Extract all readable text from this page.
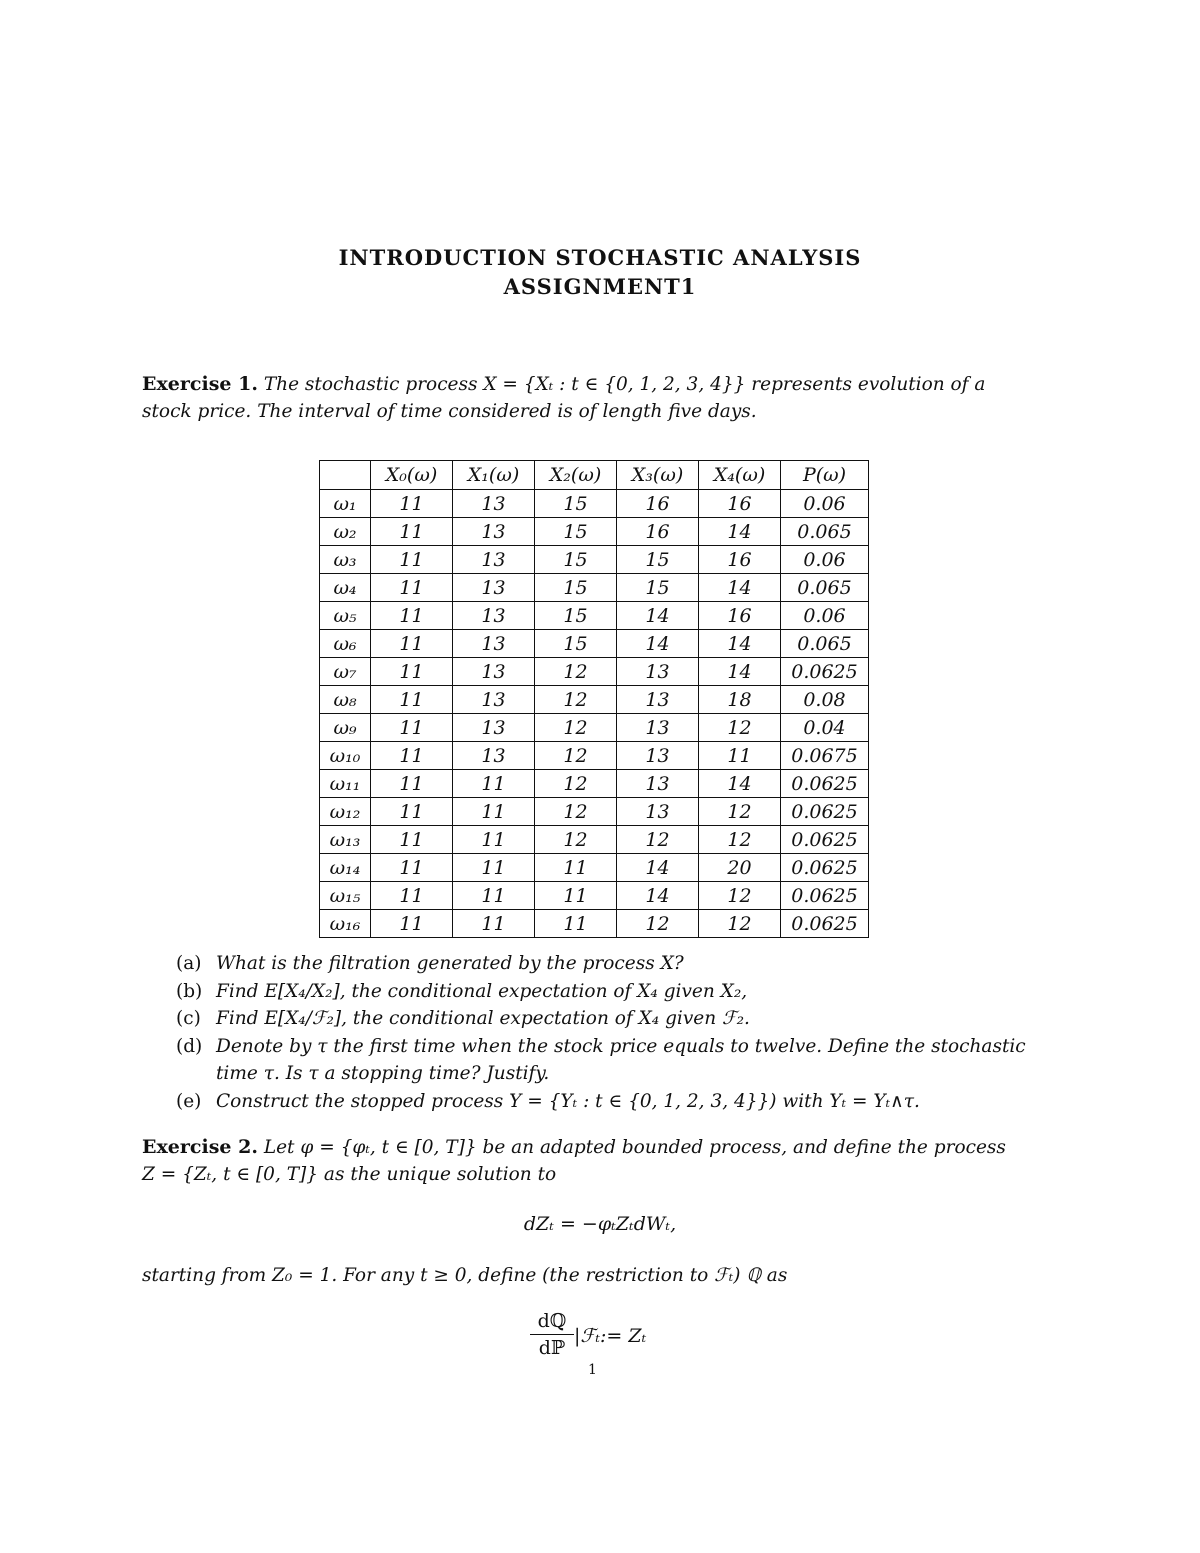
INTRODUCTION STOCHASTIC ANALYSIS
ASSIGNMENT1
Exercise 1. The stochastic process X = {Xₜ : t ∈ {0, 1, 2, 3, 4}} represents evolution of a
stock price. The interval of time considered is of length five days.
	X₀(ω)	X₁(ω)	X₂(ω)	X₃(ω)	X₄(ω)	P(ω)
ω₁	11	13	15	16	16	0.06
ω₂	11	13	15	16	14	0.065
ω₃	11	13	15	15	16	0.06
ω₄	11	13	15	15	14	0.065
ω₅	11	13	15	14	16	0.06
ω₆	11	13	15	14	14	0.065
ω₇	11	13	12	13	14	0.0625
ω₈	11	13	12	13	18	0.08
ω₉	11	13	12	13	12	0.04
ω₁₀	11	13	12	13	11	0.0675
ω₁₁	11	11	12	13	14	0.0625
ω₁₂	11	11	12	13	12	0.0625
ω₁₃	11	11	12	12	12	0.0625
ω₁₄	11	11	11	14	20	0.0625
ω₁₅	11	11	11	14	12	0.0625
ω₁₆	11	11	11	12	12	0.0625
(a) What is the filtration generated by the process X?
(b) Find E[X₄/X₂], the conditional expectation of X₄ given X₂,
(c) Find E[X₄/ℱ₂], the conditional expectation of X₄ given ℱ₂.
(d) Denote by τ the first time when the stock price equals to twelve. Define the stochastic time τ. Is τ a stopping time? Justify.
(e) Construct the stopped process Y = {Yₜ : t ∈ {0, 1, 2, 3, 4}}) with Yₜ = Yₜ∧τ.
Exercise 2. Let φ = {φₜ, t ∈ [0, T]} be an adapted bounded process, and define the process
Z = {Zₜ, t ∈ [0, T]} as the unique solution to
dZₜ = −φₜZₜdWₜ,
starting from Z₀ = 1. For any t ≥ 0, define (the restriction to ℱₜ) ℚ as
dℚ
dℙ
|ℱₜ:= Zₜ
1
